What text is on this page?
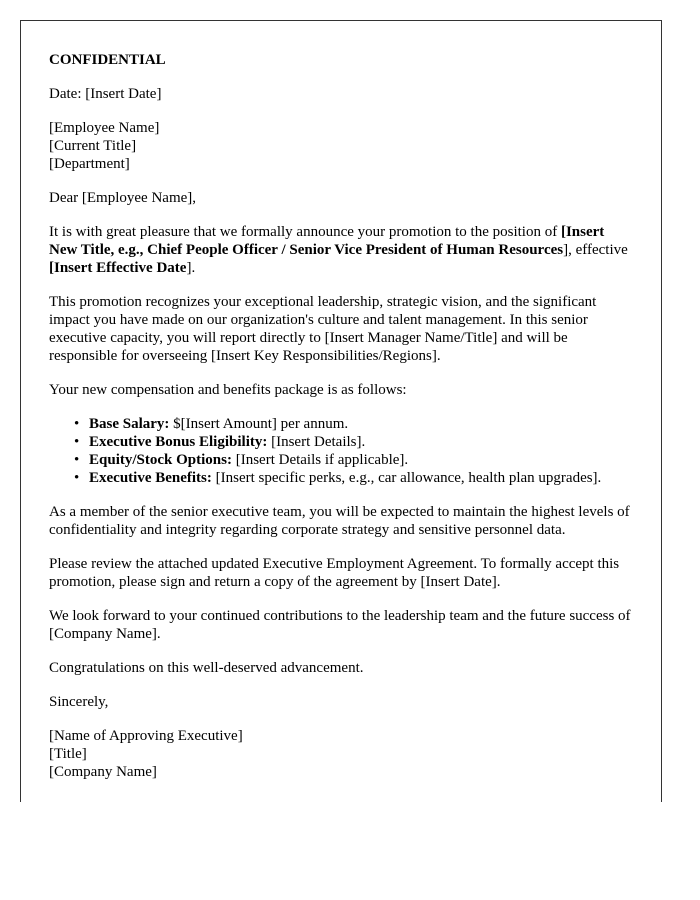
CONFIDENTIAL

Date: [Insert Date]

[Employee Name]
[Current Title]
[Department]

Dear [Employee Name],

It is with great pleasure that we formally announce your promotion to the position of [Insert New Title, e.g., Chief People Officer / Senior Vice President of Human Resources], effective [Insert Effective Date].

This promotion recognizes your exceptional leadership, strategic vision, and the significant impact you have made on our organization's culture and talent management. In this senior executive capacity, you will report directly to [Insert Manager Name/Title] and will be responsible for overseeing [Insert Key Responsibilities/Regions].

Your new compensation and benefits package is as follows:

• Base Salary: $[Insert Amount] per annum.
• Executive Bonus Eligibility: [Insert Details].
• Equity/Stock Options: [Insert Details if applicable].
• Executive Benefits: [Insert specific perks, e.g., car allowance, health plan upgrades].

As a member of the senior executive team, you will be expected to maintain the highest levels of confidentiality and integrity regarding corporate strategy and sensitive personnel data.

Please review the attached updated Executive Employment Agreement. To formally accept this promotion, please sign and return a copy of the agreement by [Insert Date].

We look forward to your continued contributions to the leadership team and the future success of [Company Name].

Congratulations on this well-deserved advancement.

Sincerely,

[Name of Approving Executive]
[Title]
[Company Name]
